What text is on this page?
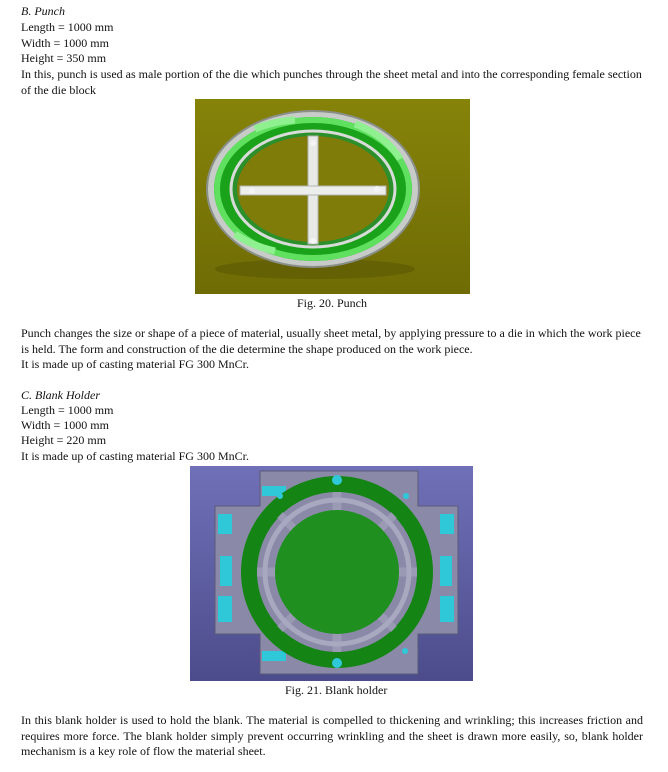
B. Punch
Length = 1000 mm
Width = 1000 mm
Height = 350 mm
In this, punch is used as male portion of the die which punches through the sheet metal and into the corresponding female section of the die block
Fig. 20. Punch
Punch changes the size or shape of a piece of material, usually sheet metal, by applying pressure to a die in which the work piece is held. The form and construction of the die determine the shape produced on the work piece.
It is made up of casting material FG 300 MnCr.
C. Blank Holder
Length = 1000 mm
Width = 1000 mm
Height = 220 mm
It is made up of casting material FG 300 MnCr.
Fig. 21. Blank holder
In this blank holder is used to hold the blank. The material is compelled to thickening and wrinkling; this increases friction and requires more force. The blank holder simply prevent occurring wrinkling and the sheet is drawn more easily, so, blank holder mechanism is a key role of flow the material sheet.
